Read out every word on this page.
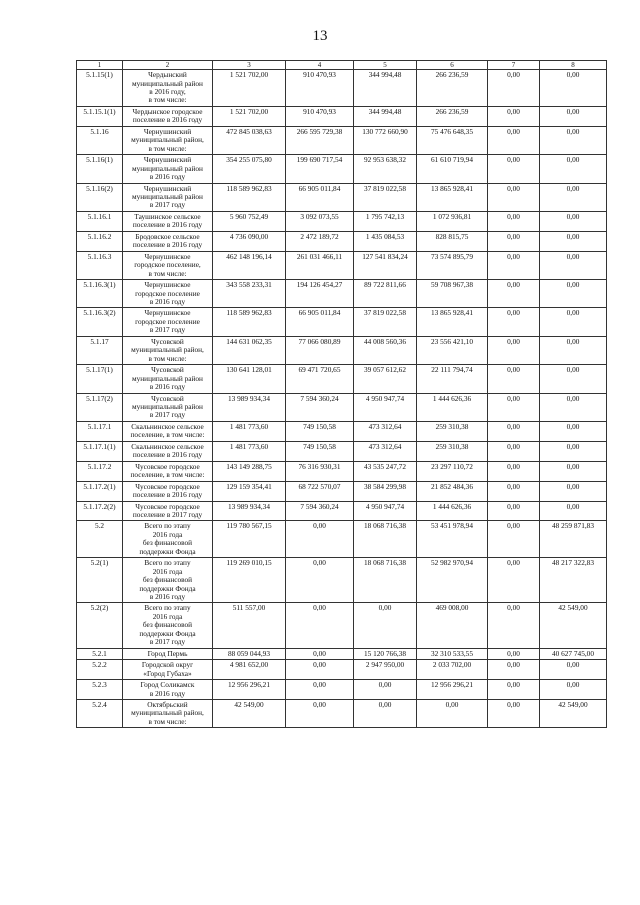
13
1	2	3	4	5	6	7	8
5.1.15(1)	Чердынский
муниципальный район
в 2016 году,
в том числе:	1 521 702,00	910 470,93	344 994,48	266 236,59	0,00	0,00
5.1.15.1(1)	Чердынское городское
поселение в 2016 году	1 521 702,00	910 470,93	344 994,48	266 236,59	0,00	0,00
5.1.16	Чернушинский
муниципальный район,
в том числе:	472 845 038,63	266 595 729,38	130 772 660,90	75 476 648,35	0,00	0,00
5.1.16(1)	Чернушинский
муниципальный район
в 2016 году	354 255 075,80	199 690 717,54	92 953 638,32	61 610 719,94	0,00	0,00
5.1.16(2)	Чернушинский
муниципальный район
в 2017 году	118 589 962,83	66 905 011,84	37 819 022,58	13 865 928,41	0,00	0,00
5.1.16.1	Таушинское сельское
поселение в 2016 году	5 960 752,49	3 092 073,55	1 795 742,13	1 072 936,81	0,00	0,00
5.1.16.2	Бродовское сельское
поселение в 2016 году	4 736 090,00	2 472 189,72	1 435 084,53	828 815,75	0,00	0,00
5.1.16.3	Чернушинское
городское поселение,
в том числе:	462 148 196,14	261 031 466,11	127 541 834,24	73 574 895,79	0,00	0,00
5.1.16.3(1)	Чернушинское
городское поселение
в 2016 году	343 558 233,31	194 126 454,27	89 722 811,66	59 708 967,38	0,00	0,00
5.1.16.3(2)	Чернушинское
городское поселение
в 2017 году	118 589 962,83	66 905 011,84	37 819 022,58	13 865 928,41	0,00	0,00
5.1.17	Чусовской
муниципальный район,
в том числе:	144 631 062,35	77 066 080,89	44 008 560,36	23 556 421,10	0,00	0,00
5.1.17(1)	Чусовской
муниципальный район
в 2016 году	130 641 128,01	69 471 720,65	39 057 612,62	22 111 794,74	0,00	0,00
5.1.17(2)	Чусовской
муниципальный район
в 2017 году	13 989 934,34	7 594 360,24	4 950 947,74	1 444 626,36	0,00	0,00
5.1.17.1	Скальнинское сельское
поселение, в том числе:	1 481 773,60	749 150,58	473 312,64	259 310,38	0,00	0,00
5.1.17.1(1)	Скальнинское сельское
поселение в 2016 году	1 481 773,60	749 150,58	473 312,64	259 310,38	0,00	0,00
5.1.17.2	Чусовское городское
поселение, в том числе:	143 149 288,75	76 316 930,31	43 535 247,72	23 297 110,72	0,00	0,00
5.1.17.2(1)	Чусовское городское
поселение в 2016 году	129 159 354,41	68 722 570,07	38 584 299,98	21 852 484,36	0,00	0,00
5.1.17.2(2)	Чусовское городское
поселение в 2017 году	13 989 934,34	7 594 360,24	4 950 947,74	1 444 626,36	0,00	0,00
5.2	Всего по этапу
2016 года
без финансовой
поддержки Фонда	119 780 567,15	0,00	18 068 716,38	53 451 978,94	0,00	48 259 871,83
5.2(1)	Всего по этапу
2016 года
без финансовой
поддержки Фонда
в 2016 году	119 269 010,15	0,00	18 068 716,38	52 982 970,94	0,00	48 217 322,83
5.2(2)	Всего по этапу
2016 года
без финансовой
поддержки Фонда
в 2017 году	511 557,00	0,00	0,00	469 008,00	0,00	42 549,00
5.2.1	Город Пермь	88 059 044,93	0,00	15 120 766,38	32 310 533,55	0,00	40 627 745,00
5.2.2	Городской округ
«Город Губаха»	4 981 652,00	0,00	2 947 950,00	2 033 702,00	0,00	0,00
5.2.3	Город Соликамск
в 2016 году	12 956 296,21	0,00	0,00	12 956 296,21	0,00	0,00
5.2.4	Октябрьский
муниципальный район,
в том числе:	42 549,00	0,00	0,00	0,00	0,00	42 549,00
